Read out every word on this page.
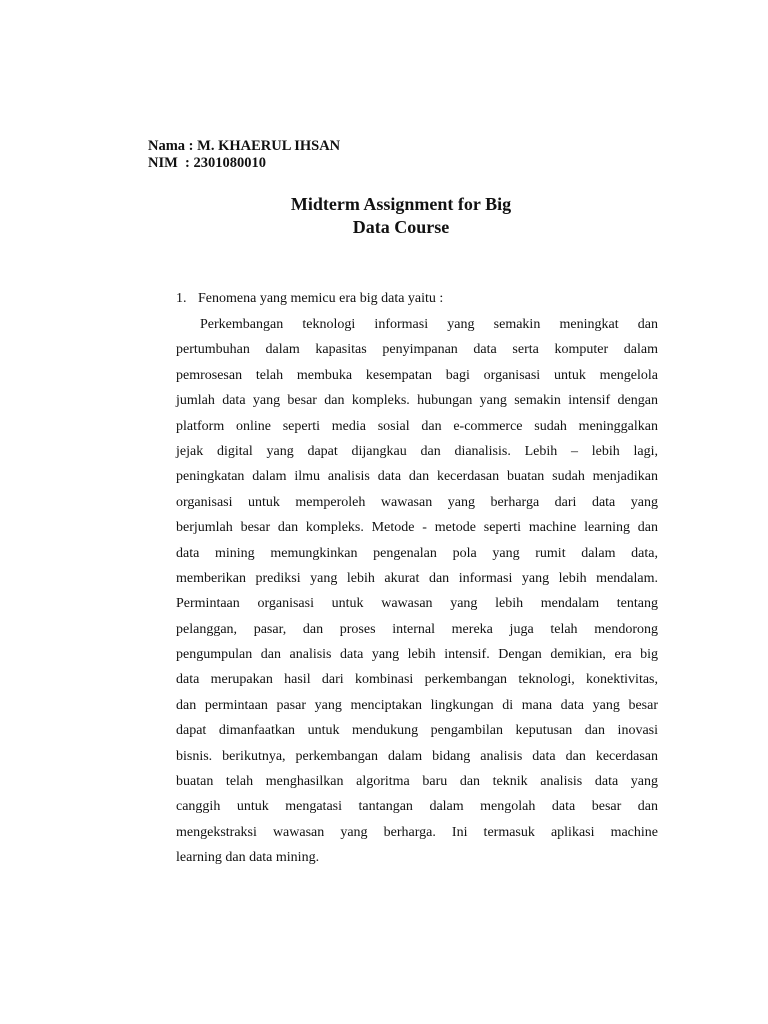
Nama : M. KHAERUL IHSAN
NIM  : 2301080010
Midterm Assignment for Big
Data Course
1. Fenomena yang memicu era big data yaitu :
Perkembangan teknologi informasi yang semakin meningkat dan
pertumbuhan dalam kapasitas penyimpanan data serta komputer dalam
pemrosesan telah membuka kesempatan bagi organisasi untuk mengelola
jumlah data yang besar dan kompleks. hubungan yang semakin intensif dengan
platform online seperti media sosial dan e-commerce sudah meninggalkan
jejak digital yang dapat dijangkau dan dianalisis. Lebih – lebih lagi,
peningkatan dalam ilmu analisis data dan kecerdasan buatan sudah menjadikan
organisasi untuk memperoleh wawasan yang berharga dari data yang
berjumlah besar dan kompleks. Metode - metode seperti machine learning dan
data mining memungkinkan pengenalan pola yang rumit dalam data,
memberikan prediksi yang lebih akurat dan informasi yang lebih mendalam.
Permintaan organisasi untuk wawasan yang lebih mendalam tentang
pelanggan, pasar, dan proses internal mereka juga telah mendorong
pengumpulan dan analisis data yang lebih intensif. Dengan demikian, era big
data merupakan hasil dari kombinasi perkembangan teknologi, konektivitas,
dan permintaan pasar yang menciptakan lingkungan di mana data yang besar
dapat dimanfaatkan untuk mendukung pengambilan keputusan dan inovasi
bisnis. berikutnya, perkembangan dalam bidang analisis data dan kecerdasan
buatan telah menghasilkan algoritma baru dan teknik analisis data yang
canggih untuk mengatasi tantangan dalam mengolah data besar dan
mengekstraksi wawasan yang berharga. Ini termasuk aplikasi machine
learning dan data mining.
